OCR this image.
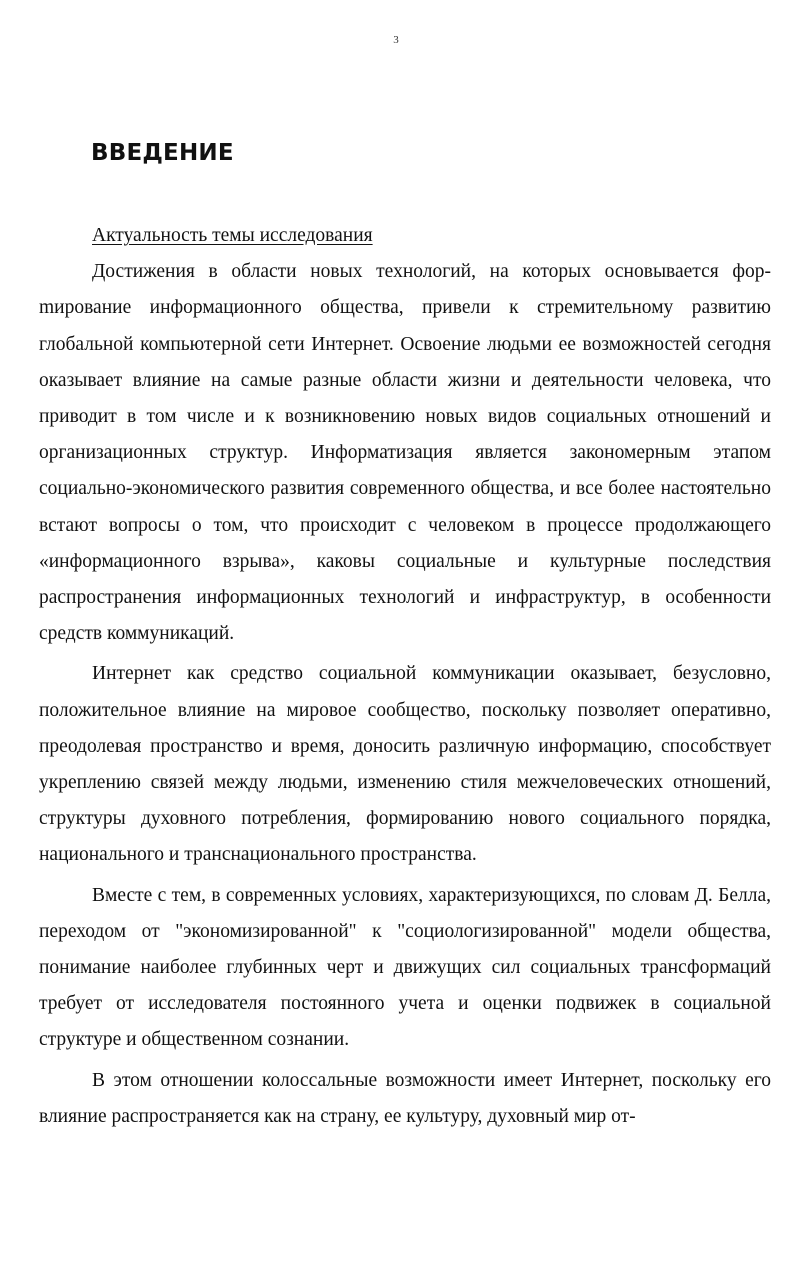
3
ВВЕДЕНИЕ

Актуальность темы исследования

Достижения в области новых технологий, на которых основывается форmирование информационного общества, привели к стремительному развитию глобальной компьютерной сети Интернет. Освоение людьми ее возможностей сегодня оказывает влияние на самые разные области жизни и деятельности человека, что приводит в том числе и к возникновению новых видов социальных отношений и организационных структур. Информатизация является закономерным этапом социально-экономического развития современного общества, и все более настоятельно встают вопросы о том, что происходит с человеком в процессе продолжающего «информационного взрыва», каковы социальные и культурные последствия распространения информационных технологий и инфраструктур, в особенности средств коммуникаций.

Интернет как средство социальной коммуникации оказывает, безусловно, положительное влияние на мировое сообщество, поскольку позволяет оперативно, преодолевая пространство и время, доносить различную информацию, способствует укреплению связей между людьми, изменению стиля межчеловеческих отношений, структуры духовного потребления, формированию нового социального порядка, национального и транснационального пространства.

Вместе с тем, в современных условиях, характеризующихся, по словам Д. Белла, переходом от "экономизированной" к "социологизированной" модели общества, понимание наиболее глубинных черт и движущих сил социальных трансформаций требует от исследователя постоянного учета и оценки подвижек в социальной структуре и общественном сознании.

В этом отношении колоссальные возможности имеет Интернет, поскольку его влияние распространяется как на страну, ее культуру, духовный мир от-
